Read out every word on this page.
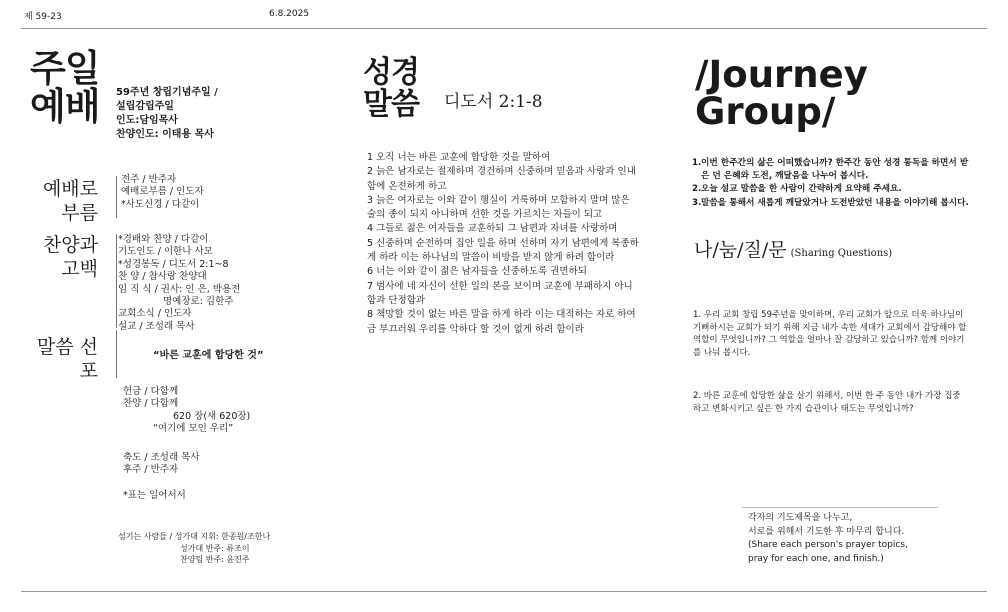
제 59-23	6.8.2025
주일 예배 59주년 창립기념주일 /
설립감립주일
인도:담임목사
찬양인도: 이태용 목사
예배로 부름
찬양과 고백
말씀 선포
전주 / 반주자
예배로부름 / 인도자
*사도신경 / 다같이
*경배와 찬양 / 다같이
기도인도 / 이한나 사모
*성경봉독 / 디도서 2:1~8
찬 양 / 참사랑 찬양대
임 직 식 / 권사: 인 은, 박용전
명예장로: 김한주
교회소식 / 인도자
설교 / 조성래 목사
“바른 교훈에 합당한 것”
헌금 / 다함께
찬양 / 다함께
620 장(새 620장)
“여기에 모인 우리”
축도 / 조성래 목사
후주 / 반주자
*표는 일어서서
섬기는 사람들 / 성가대 지휘: 한종원/조한나
성가대 반주: 류조이
찬양팀 반주: 윤진주
성경 말씀	디도서 2:1-8

1 오직 너는 바른 교훈에 합당한 것을 말하여

2 늙은 남자로는 절제하며 경건하며 신중하며 믿음과 사랑과 인내함에 온전하게 하고

3 늙은 여자로는 이와 같이 행실이 거룩하며 모함하지 말며 많은 술의 종이 되지 아니하며 선한 것을 가르치는 자들이 되고

4 그들로 젊은 여자들을 교훈하되 그 남편과 자녀를 사랑하며

5 신중하며 순전하며 집안 일을 하며 선하며 자기 남편에게 복종하게 하라 이는 하나님의 말씀이 비방을 받지 않게 하려 함이라

6 너는 이와 같이 젊은 남자들을 신중하도록 권면하되

7 범사에 네 자신이 선한 일의 본을 보이며 교훈에 부패하지 아니함과 단정함과

8 책망할 것이 없는 바른 말을 하게 하라 이는 대적하는 자로 하여금 부끄러워 우리를 악하다 할 것이 없게 하려 함이라

/Journey Group/
1. 이번 한주간의 삶은 어떠했습니까? 한주간 동안 성경 통독을 하면서 받은 던 은혜와 도전, 깨달음을 나누어 봅시다.
2. 오늘 설교 말씀을 한 사람이 간략하게 요약해 주세요.
3. 말씀을 통해서 새롭게 깨달았거나 도전받았던 내용을 이야기해 봅시다.
나/눔/질/문 (Sharing Questions)
1. 우리 교회 창립 59주년을 맞이하며, 우리 교회가 앞으로 더욱 하나님이 기뻐하시는 교회가 되기 위해 지금 내가 속한 세대가 교회에서 감당해야 할 역할이 무엇입니까? 그 역할을 얼마나 잘 감당하고 있습니까? 함께 이야기를 나눠 봅시다.
2. 바른 교훈에 합당한 삶을 살기 위해서, 이번 한 주 동안 내가 가장 집중하고 변화시키고 싶은 한 가지 습관이나 태도는 무엇입니까?
각자의 기도제목을 나누고,
서로를 위해서 기도한 후 마무리 합니다.
(Share each person's prayer topics,
pray for each one, and finish.)
